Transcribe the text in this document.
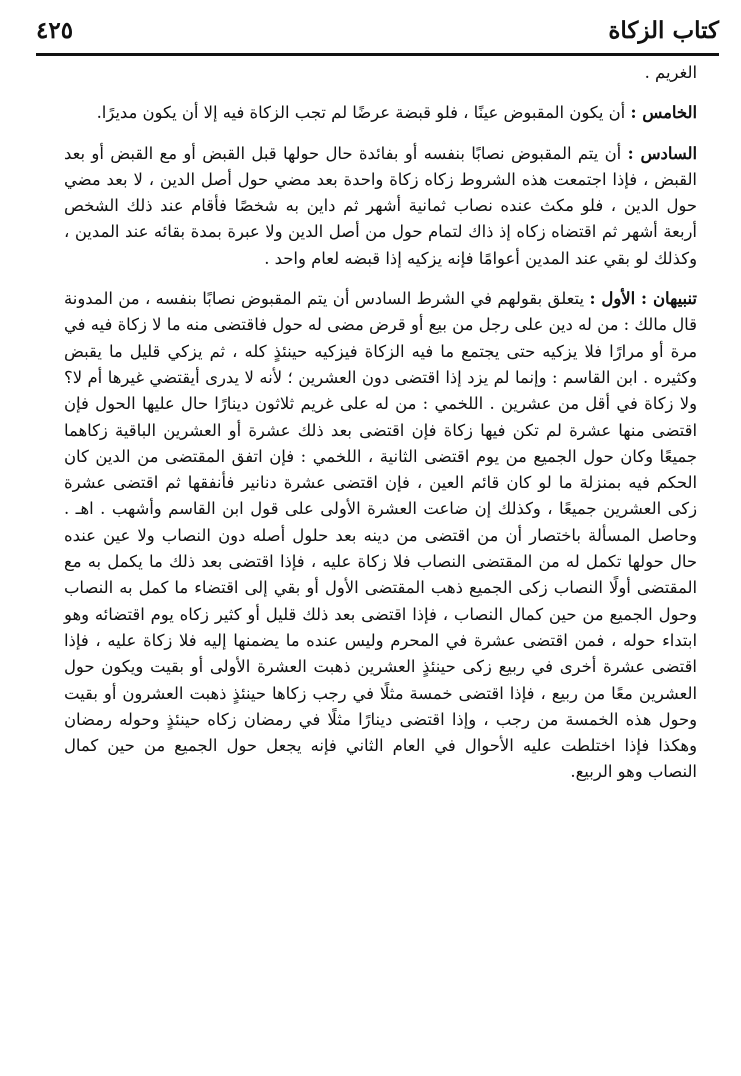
كتاب الزكاة
٤٢٥

الغريم .

الخامس : أن يكون المقبوض عينًا ، فلو قبضة عرضًا لم تجب الزكاة فيه إلا أن يكون مديرًا.

السادس : أن يتم المقبوض نصابًا بنفسه أو بفائدة حال حولها قبل القبض أو مع القبض أو بعد القبض ، فإذا اجتمعت هذه الشروط زكاه زكاة واحدة بعد مضي حول أصل الدين ، لا بعد مضي حول الدين ، فلو مكث عنده نصاب ثمانية أشهر ثم داين به شخصًا فأقام عند ذلك الشخص أربعة أشهر ثم اقتضاه زكاه إذ ذاك لتمام حول من أصل الدين ولا عبرة بمدة بقائه عند المدين ، وكذلك لو بقي عند المدين أعوامًا فإنه يزكيه إذا قبضه لعام واحد .

تنبيهان : الأول : يتعلق بقولهم في الشرط السادس أن يتم المقبوض نصابًا بنفسه ، من المدونة قال مالك : من له دين على رجل من بيع أو قرض مضى له حول فاقتضى منه ما لا زكاة فيه في مرة أو مرارًا فلا يزكيه حتى يجتمع ما فيه الزكاة فيزكيه حينئذٍ كله ، ثم يزكي قليل ما يقبض وكثيره . ابن القاسم : وإنما لم يزد إذا اقتضى دون العشرين ؛ لأنه لا يدرى أيقتضي غيرها أم لا؟ ولا زكاة في أقل من عشرين . اللخمي : من له على غريم ثلاثون دينارًا حال عليها الحول فإن اقتضى منها عشرة لم تكن فيها زكاة فإن اقتضى بعد ذلك عشرة أو العشرين الباقية زكاهما جميعًا وكان حول الجميع من يوم اقتضى الثانية ، اللخمي : فإن اتفق المقتضى من الدين كان الحكم فيه بمنزلة ما لو كان قائم العين ، فإن اقتضى عشرة دنانير فأنفقها ثم اقتضى عشرة زكى العشرين جميعًا ، وكذلك إن ضاعت العشرة الأولى على قول ابن القاسم وأشهب . اهـ . وحاصل المسألة باختصار أن من اقتضى من دينه بعد حلول أصله دون النصاب ولا عين عنده حال حولها تكمل له من المقتضى النصاب فلا زكاة عليه ، فإذا اقتضى بعد ذلك ما يكمل به مع المقتضى أولًا النصاب زكى الجميع ذهب المقتضى الأول أو بقي إلى اقتضاء ما كمل به النصاب وحول الجميع من حين كمال النصاب ، فإذا اقتضى بعد ذلك قليل أو كثير زكاه يوم اقتضائه وهو ابتداء حوله ، فمن اقتضى عشرة في المحرم وليس عنده ما يضمنها إليه فلا زكاة عليه ، فإذا اقتضى عشرة أخرى في ربيع زكى حينئذٍ العشرين ذهبت العشرة الأولى أو بقيت ويكون حول العشرين معًا من ربيع ، فإذا اقتضى خمسة مثلًا في رجب زكاها حينئذٍ ذهبت العشرون أو بقيت وحول هذه الخمسة من رجب ، وإذا اقتضى دينارًا مثلًا في رمضان زكاه حينئذٍ وحوله رمضان وهكذا فإذا اختلطت عليه الأحوال في العام الثاني فإنه يجعل حول الجميع من حين كمال النصاب وهو الربيع.
